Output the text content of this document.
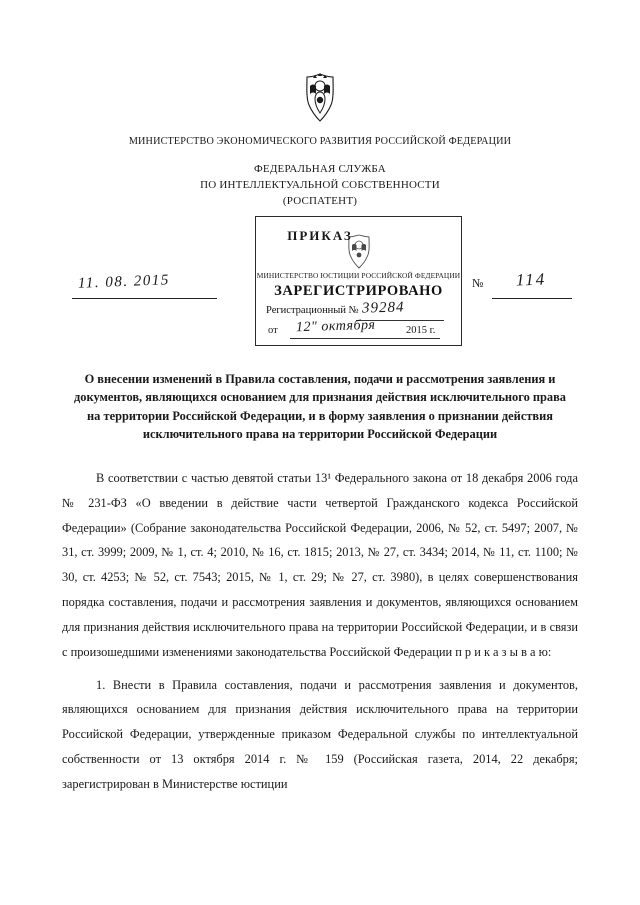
МИНИСТЕРСТВО ЭКОНОМИЧЕСКОГО РАЗВИТИЯ РОССИЙСКОЙ ФЕДЕРАЦИИ
ФЕДЕРАЛЬНАЯ СЛУЖБА
ПО ИНТЕЛЛЕКТУАЛЬНОЙ СОБСТВЕННОСТИ
(РОСПАТЕНТ)
ПРИКАЗ
11. 08. 2015	№ 114
МИНИСТЕРСТВО ЮСТИЦИИ РОССИЙСКОЙ ФЕДЕРАЦИИ
ЗАРЕГИСТРИРОВАНО
Регистрационный № 39284
от 12" октября	2015 г.
О внесении изменений в Правила составления, подачи и рассмотрения заявления и документов, являющихся основанием для признания действия исключительного права на территории Российской Федерации, и в форму заявления о признании действия исключительного права на территории Российской Федерации

В соответствии с частью девятой статьи 13¹ Федерального закона от 18 декабря 2006 года № 231-ФЗ «О введении в действие части четвертой Гражданского кодекса Российской Федерации» (Собрание законодательства Российской Федерации, 2006, № 52, ст. 5497; 2007, № 31, ст. 3999; 2009, № 1, ст. 4; 2010, № 16, ст. 1815; 2013, № 27, ст. 3434; 2014, № 11, ст. 1100; № 30, ст. 4253; № 52, ст. 7543; 2015, № 1, ст. 29; № 27, ст. 3980), в целях совершенствования порядка составления, подачи и рассмотрения заявления и документов, являющихся основанием для признания действия исключительного права на территории Российской Федерации, и в связи с произошедшими изменениями законодательства Российской Федерации п р и к а з ы в а ю:

1. Внести в Правила составления, подачи и рассмотрения заявления и документов, являющихся основанием для признания действия исключительного права на территории Российской Федерации, утвержденные приказом Федеральной службы по интеллектуальной собственности от 13 октября 2014 г. № 159 (Российская газета, 2014, 22 декабря; зарегистрирован в Министерстве юстиции
